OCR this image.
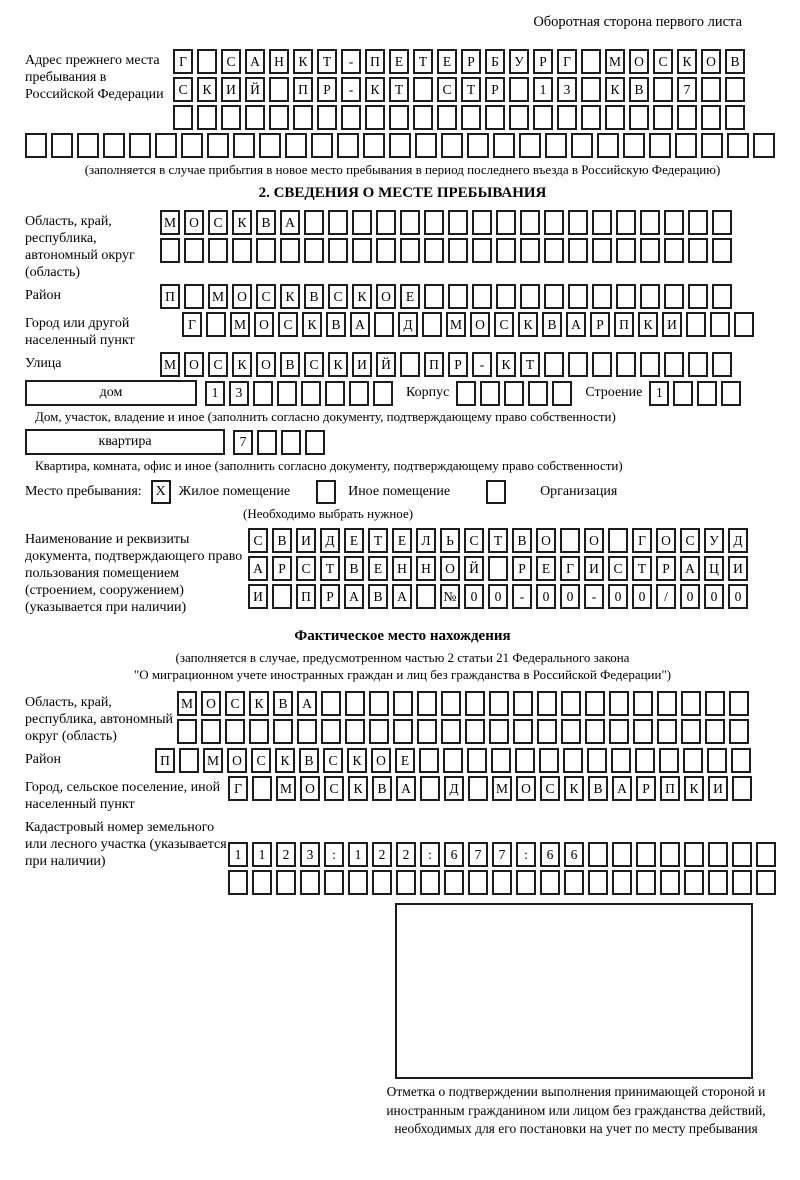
Оборотная сторона первого листа
Адрес прежнего места пребывания в Российской Федерации
Г	С	А	Н	К	Т	-	П	Е	Т	Е	Р	Б	У	Р	Г	М О	С	К	О	В
С	К	И	Й	П	Р	-	К	Т	С	Т	Р	1	3	К	В	7
(заполняется в случае прибытия в новое место пребывания в период последнего въезда в Российскую Федерацию)
2. СВЕДЕНИЯ О МЕСТЕ ПРЕБЫВАНИЯ
Область, край, республика, автономный округ (область)
М О	С	К	В	А
Район	П	М О	С	К	В	С	К	О	Е
Город или другой населенный пункт
Г	М О	С	К	В	А	Д	М О	С	К	В	А	Р	П	К	И
Улица	М О	С	К	О	В	С	К	И	Й	П	Р	-	К	Т
дом	1	3	Корпус	Строение	1
Дом, участок, владение и иное (заполнить согласно документу, подтверждающему право собственности)
квартира	7
Квартира, комната, офис и иное (заполнить согласно документу, подтверждающему право собственности)
Место пребывания: X Жилое помещение	Иное помещение	Организация
(Необходимо выбрать нужное)
Наименование и реквизиты документа, подтверждающего право пользования помещением (строением, сооружением) (указывается при наличии)
С	В	И	Д	Е	Т	Е	Л	Ь	С	Т	В	О	О	Г	О	С	У	Д
А	Р	С	Т	В	Е	Н	Н	О	Й	Р	Е	Г	И	С	Т	Р	А	Ц	И
И	П	Р	А	В	А	№	0	0	-	0	0	-	0	0	/	0	0	0
Фактическое место нахождения
(заполняется в случае, предусмотренном частью 2 статьи 21 Федерального закона
"О миграционном учете иностранных граждан и лиц без гражданства в Российской Федерации")
Область, край, республика, автономный округ (область)
М О	С	К	В	А
Район	П	М О	С	К	В	С	К	О	Е
Город, сельское поселение, иной населенный пункт
Г	М О	С	К	В	А	Д	М О	С	К	В	А	Р	П	К	И
Кадастровый номер земельного или лесного участка (указывается при наличии)	1	1	2	3	:	1	2	2	:	6	7	7	:	6	6
Отметка о подтверждении выполнения принимающей стороной и иностранным гражданином или лицом без гражданства действий, необходимых для его постановки на учет по месту пребывания
